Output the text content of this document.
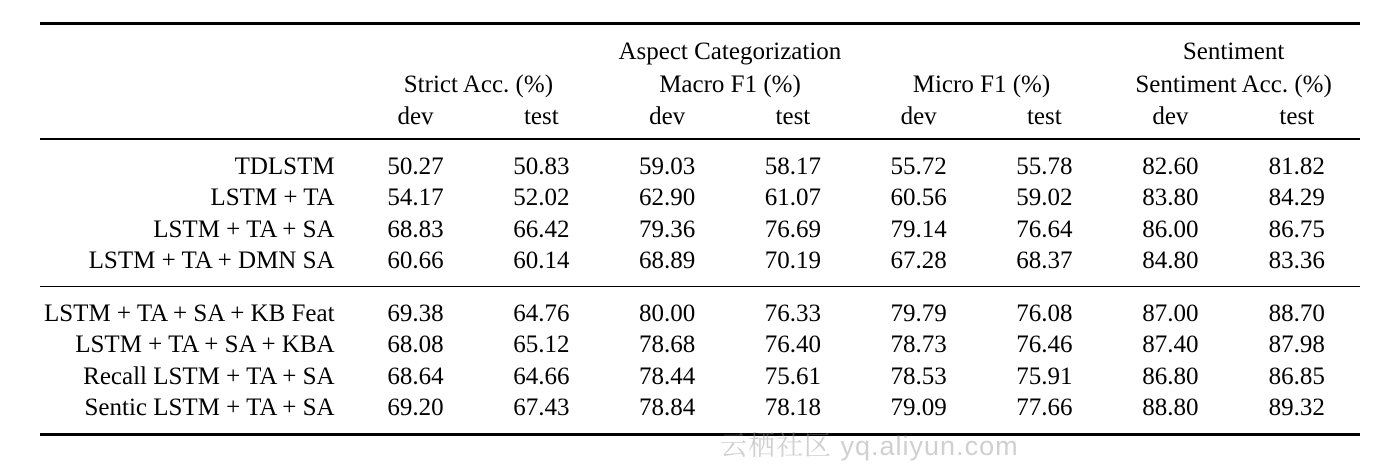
	Aspect Categorization						Sentiment	
	Strict Acc. (%)		Macro F1 (%)		Micro F1 (%)		Sentiment Acc. (%)	
	dev	test	dev	test	dev	test	dev	test

TDLSTM	50.27	50.83	59.03	58.17	55.72	55.78	82.60	81.82
LSTM + TA	54.17	52.02	62.90	61.07	60.56	59.02	83.80	84.29
LSTM + TA + SA	68.83	66.42	79.36	76.69	79.14	76.64	86.00	86.75
LSTM + TA + DMN SA	60.66	60.14	68.89	70.19	67.28	68.37	84.80	83.36

LSTM + TA + SA + KB Feat	69.38	64.76	80.00	76.33	79.79	76.08	87.00	88.70
LSTM + TA + SA + KBA	68.08	65.12	78.68	76.40	78.73	76.46	87.40	87.98
Recall LSTM + TA + SA	68.64	64.66	78.44	75.61	78.53	75.91	86.80	86.85
Sentic LSTM + TA + SA	69.20	67.43	78.84	78.18	79.09	77.66	88.80	89.32

云栖社区 yq.aliyun.com
